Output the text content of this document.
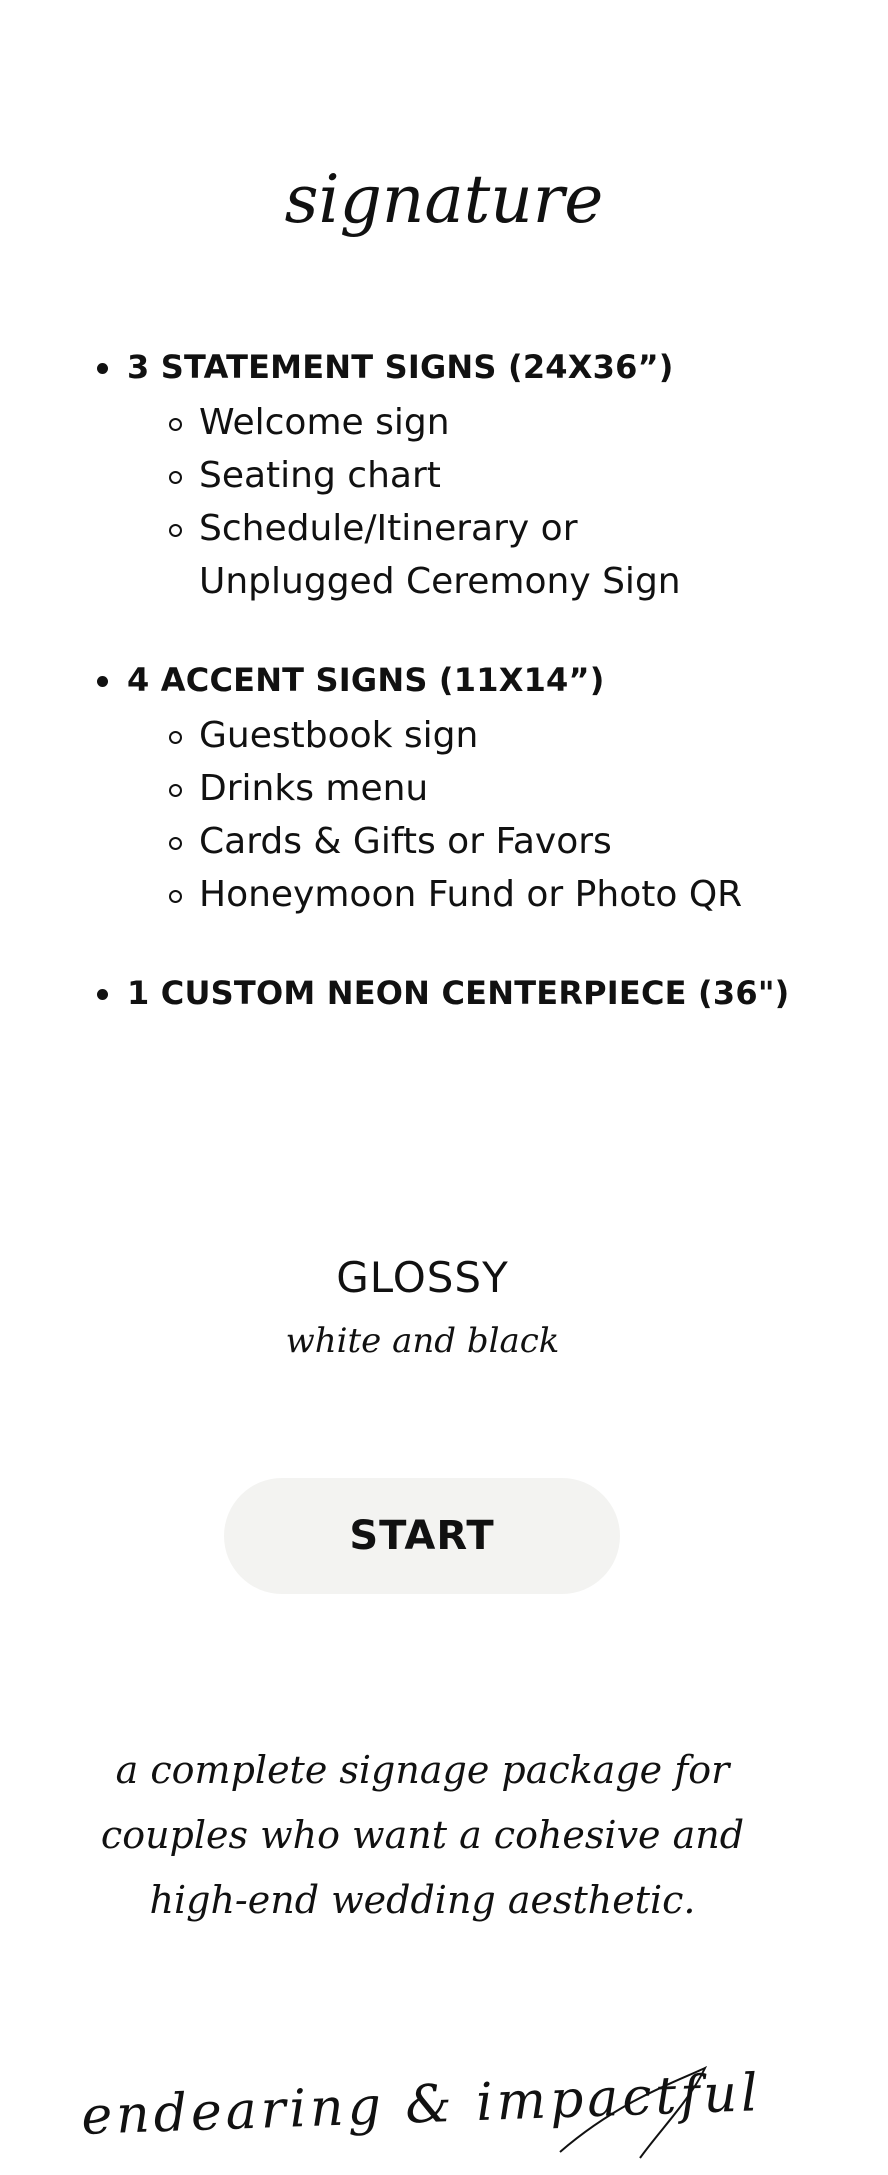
signature
3 STATEMENT SIGNS (24X36”)
Welcome sign
Seating chart
Schedule/Itinerary or
Unplugged Ceremony Sign
4 ACCENT SIGNS (11X14”)
Guestbook sign
Drinks menu
Cards & Gifts or Favors
Honeymoon Fund or Photo QR
1 CUSTOM NEON CENTERPIECE (36")
GLOSSY
white and black
START
a complete signage package for
couples who want a cohesive and
high-end wedding aesthetic.
endearing & impactful
